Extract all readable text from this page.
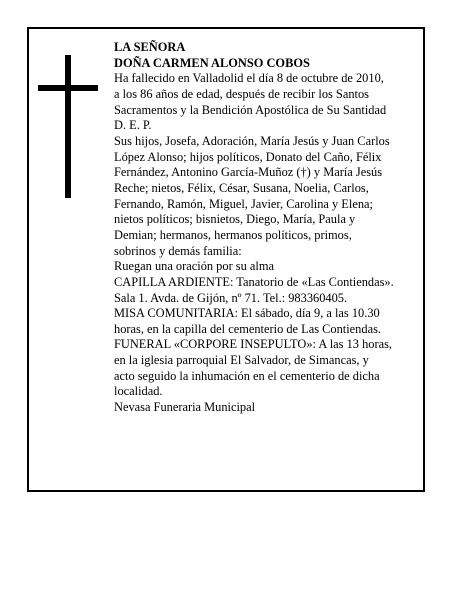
LA SEÑORA
DOÑA CARMEN ALONSO COBOS
Ha fallecido en Valladolid el día 8 de octubre de 2010,
a los 86 años de edad, después de recibir los Santos
Sacramentos y la Bendición Apostólica de Su Santidad
D. E. P.
Sus hijos, Josefa, Adoración, María Jesús y Juan Carlos
López Alonso; hijos políticos, Donato del Caño, Félix
Fernández, Antonino García-Muñoz (†) y María Jesús
Reche; nietos, Félix, César, Susana, Noelia, Carlos,
Fernando, Ramón, Miguel, Javier, Carolina y Elena;
nietos políticos; bisnietos, Diego, María, Paula y
Demian; hermanos, hermanos políticos, primos,
sobrinos y demás familia:
Ruegan una oración por su alma
CAPILLA ARDIENTE: Tanatorio de «Las Contiendas».
Sala 1. Avda. de Gijón, nº 71. Tel.: 983360405.
MISA COMUNITARIA: El sábado, día 9, a las 10.30
horas, en la capilla del cementerio de Las Contiendas.
FUNERAL «CORPORE INSEPULTO»: A las 13 horas,
en la iglesia parroquial El Salvador, de Simancas, y
acto seguido la inhumación en el cementerio de dicha
localidad.
Nevasa Funeraria Municipal
